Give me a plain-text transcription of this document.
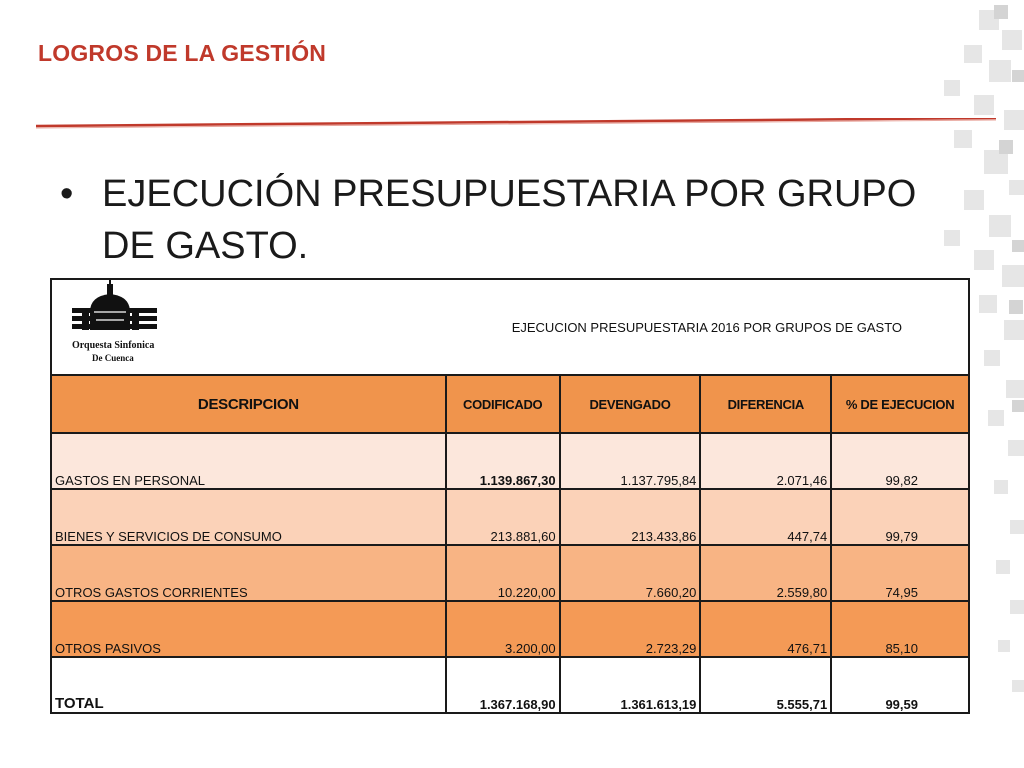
LOGROS DE LA GESTIÓN
• EJECUCIÓN PRESUPUESTARIA POR GRUPO DE GASTO.
Orquesta Sinfonica
De Cuenca	EJECUCION PRESUPUESTARIA 2016 POR GRUPOS DE GASTO			
DESCRIPCION	CODIFICADO	DEVENGADO	DIFERENCIA	% DE EJECUCION
GASTOS EN PERSONAL	1.139.867,30	1.137.795,84	2.071,46	99,82
BIENES Y SERVICIOS DE CONSUMO	213.881,60	213.433,86	447,74	99,79
OTROS GASTOS CORRIENTES	10.220,00	7.660,20	2.559,80	74,95
OTROS PASIVOS	3.200,00	2.723,29	476,71	85,10
TOTAL	1.367.168,90	1.361.613,19	5.555,71	99,59
